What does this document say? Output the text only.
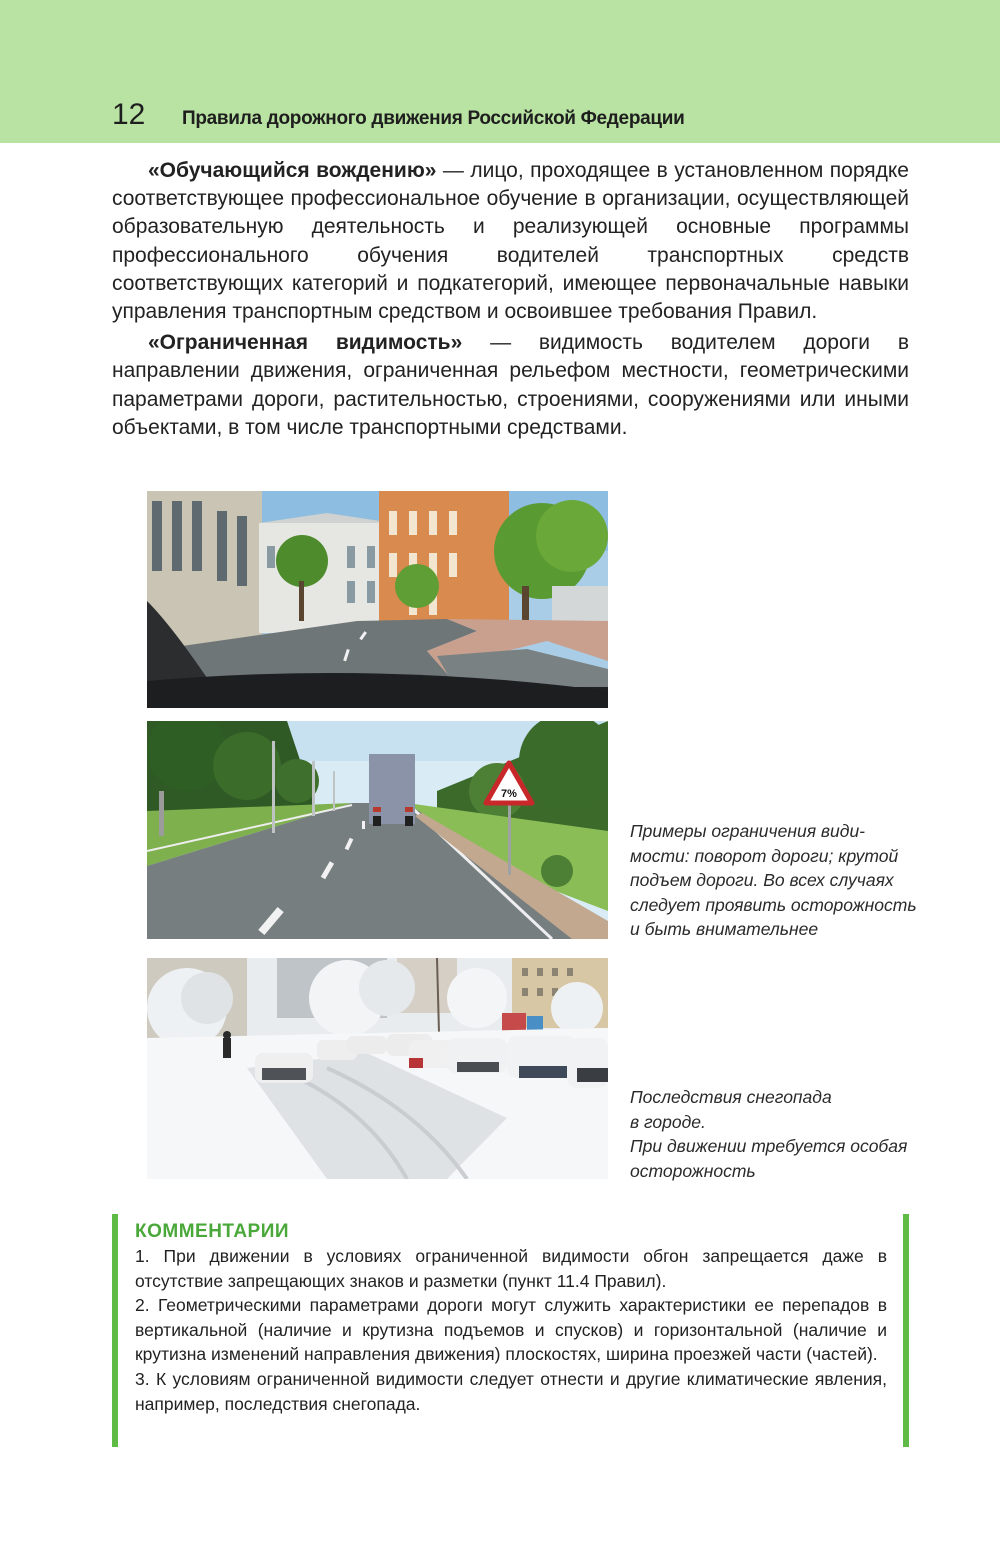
12 Правила дорожного движения Российской Федерации

«Обучающийся вождению» — лицо, проходящее в установленном порядке соответствующее профессиональное обучение в организации, осуществляющей образовательную деятельность и реализующей основные программы профессионального обучения водителей транспортных средств соответствующих категорий и подкатегорий, имеющее первоначальные навыки управления транспортным средством и освоившее требования Правил.

«Ограниченная видимость» — видимость водителем дороги в направлении движения, ограниченная рельефом местности, геометрическими параметрами дороги, растительностью, строениями, сооружениями или иными объектами, в том числе транспортными средствами.

7%
Примеры ограничения види-
мости: поворот дороги; крутой
подъем дороги. Во всех случаях
следует проявить осторожность
и быть внимательнее
Последствия снегопада
в городе.
При движении требуется особая
осторожность
КОММЕНТАРИИ

1. При движении в условиях ограниченной видимости обгон запрещается даже в отсутствие запрещающих знаков и разметки (пункт 11.4 Правил).

2. Геометрическими параметрами дороги могут служить характеристики ее перепадов в вертикальной (наличие и крутизна подъемов и спусков) и горизонтальной (наличие и крутизна изменений направления движения) плоскостях, ширина проезжей части (частей).

3. К условиям ограниченной видимости следует отнести и другие климатические явления, например, последствия снегопада.
